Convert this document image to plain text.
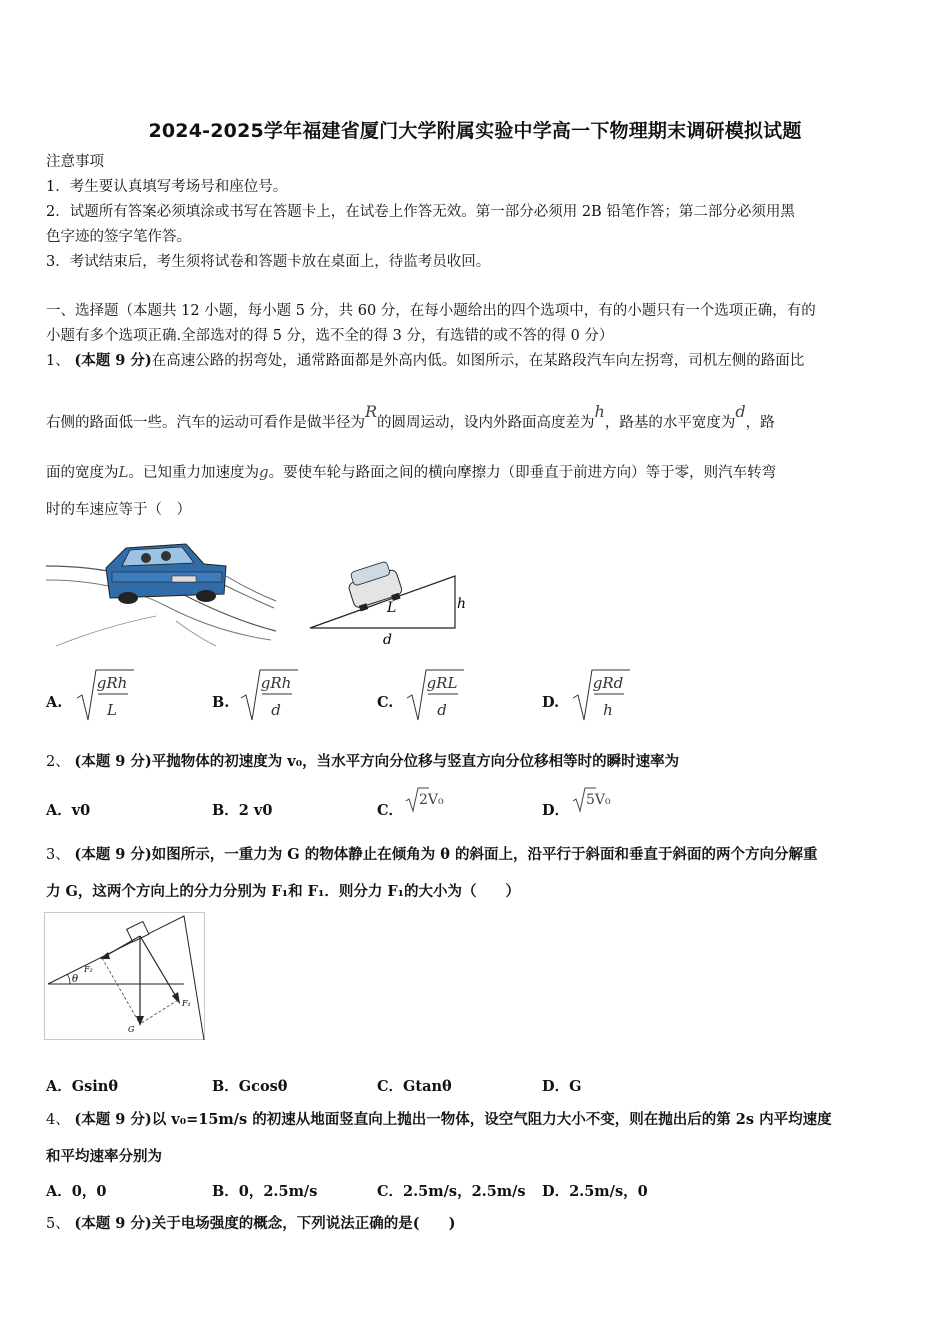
2024-2025学年福建省厦门大学附属实验中学高一下物理期末调研模拟试题
注意事项
1．考生要认真填写考场号和座位号。
2．试题所有答案必须填涂或书写在答题卡上，在试卷上作答无效。第一部分必须用 2B 铅笔作答；第二部分必须用黑
色字迹的签字笔作答。
3．考试结束后，考生须将试卷和答题卡放在桌面上，待监考员收回。
一、选择题（本题共 12 小题，每小题 5 分，共 60 分，在每小题给出的四个选项中，有的小题只有一个选项正确，有的
小题有多个选项正确.全部选对的得 5 分，选不全的得 3 分，有选错的或不答的得 0 分）
1、 (本题 9 分)在高速公路的拐弯处，通常路面都是外高内低。如图所示，在某路段汽车向左拐弯，司机左侧的路面比
右侧的路面低一些。汽车的运动可看作是做半径为R的圆周运动，设内外路面高度差为h，路基的水平宽度为d，路
面的宽度为L。已知重力加速度为g。要使车轮与路面之间的横向摩擦力（即垂直于前进方向）等于零，则汽车转弯
时的车速应等于（　）
L	h
d
A.
gRh
L	B.
gRh
d	C.
gRL
d	D.
gRd
h
2、 (本题 9 分)平抛物体的初速度为 v₀，当水平方向分位移与竖直方向分位移相等时的瞬时速率为
A．v0	B．2 v0	C．
2V₀
D．
5V₀
3、 (本题 9 分)如图所示，一重力为 G 的物体静止在倾角为 θ 的斜面上，沿平行于斜面和垂直于斜面的两个方向分解重
力 G，这两个方向上的分力分别为 F₁和 F₁．则分力 F₁的大小为（　　）
F₂
F₁
G
θ
A．Gsinθ	B．Gcosθ	C．Gtanθ	D．G
4、 (本题 9 分)以 v₀=15m/s 的初速从地面竖直向上抛出一物体，设空气阻力大小不变，则在抛出后的第 2s 内平均速度
和平均速率分别为
A．0，0	B．0，2.5m/s	C．2.5m/s，2.5m/s D．2.5m/s，0
5、 (本题 9 分)关于电场强度的概念，下列说法正确的是(　　)
